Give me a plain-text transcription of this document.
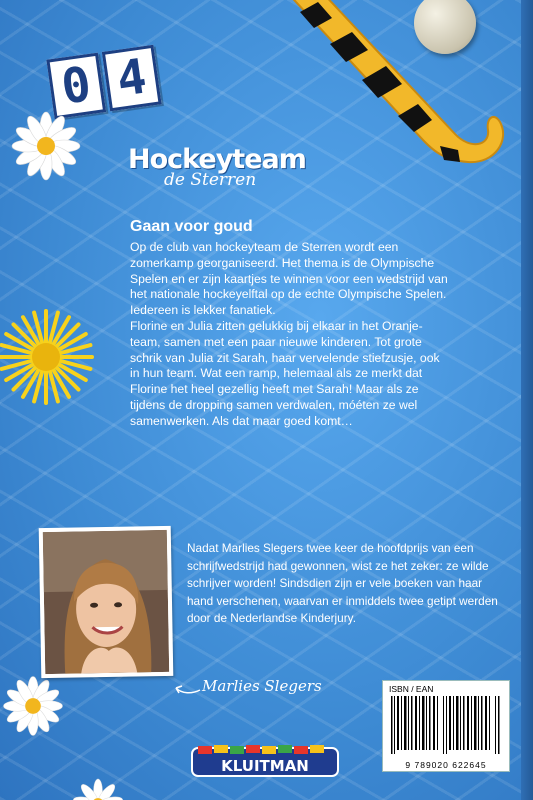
0 4
Hockeyteam
de Sterren
Gaan voor goud

Op de club van hockeyteam de Sterren wordt een zomerkamp georganiseerd. Het thema is de Olympische Spelen en er zijn kaartjes te winnen voor een wedstrijd van het nationale hockeyelftal op de echte Olympische Spelen. Iedereen is lekker fanatiek.

Florine en Julia zitten gelukkig bij elkaar in het Oranje-team, samen met een paar nieuwe kinderen. Tot grote schrik van Julia zit Sarah, haar vervelende stiefzusje, ook in hun team. Wat een ramp, helemaal als ze merkt dat Florine het heel gezellig heeft met Sarah! Maar als ze tijdens de dropping samen verdwalen, móéten ze wel samenwerken. Als dat maar goed komt…

Nadat Marlies Slegers twee keer de hoofdprijs van een schrijfwedstrijd had gewonnen, wist ze het zeker: ze wilde schrijver worden! Sindsdien zijn er vele boeken van haar hand verschenen, waarvan er inmiddels twee getipt werden door de Nederlandse Kinderjury.
Marlies Slegers	ISBN / EAN
9 789020 622645
KLUITMAN
